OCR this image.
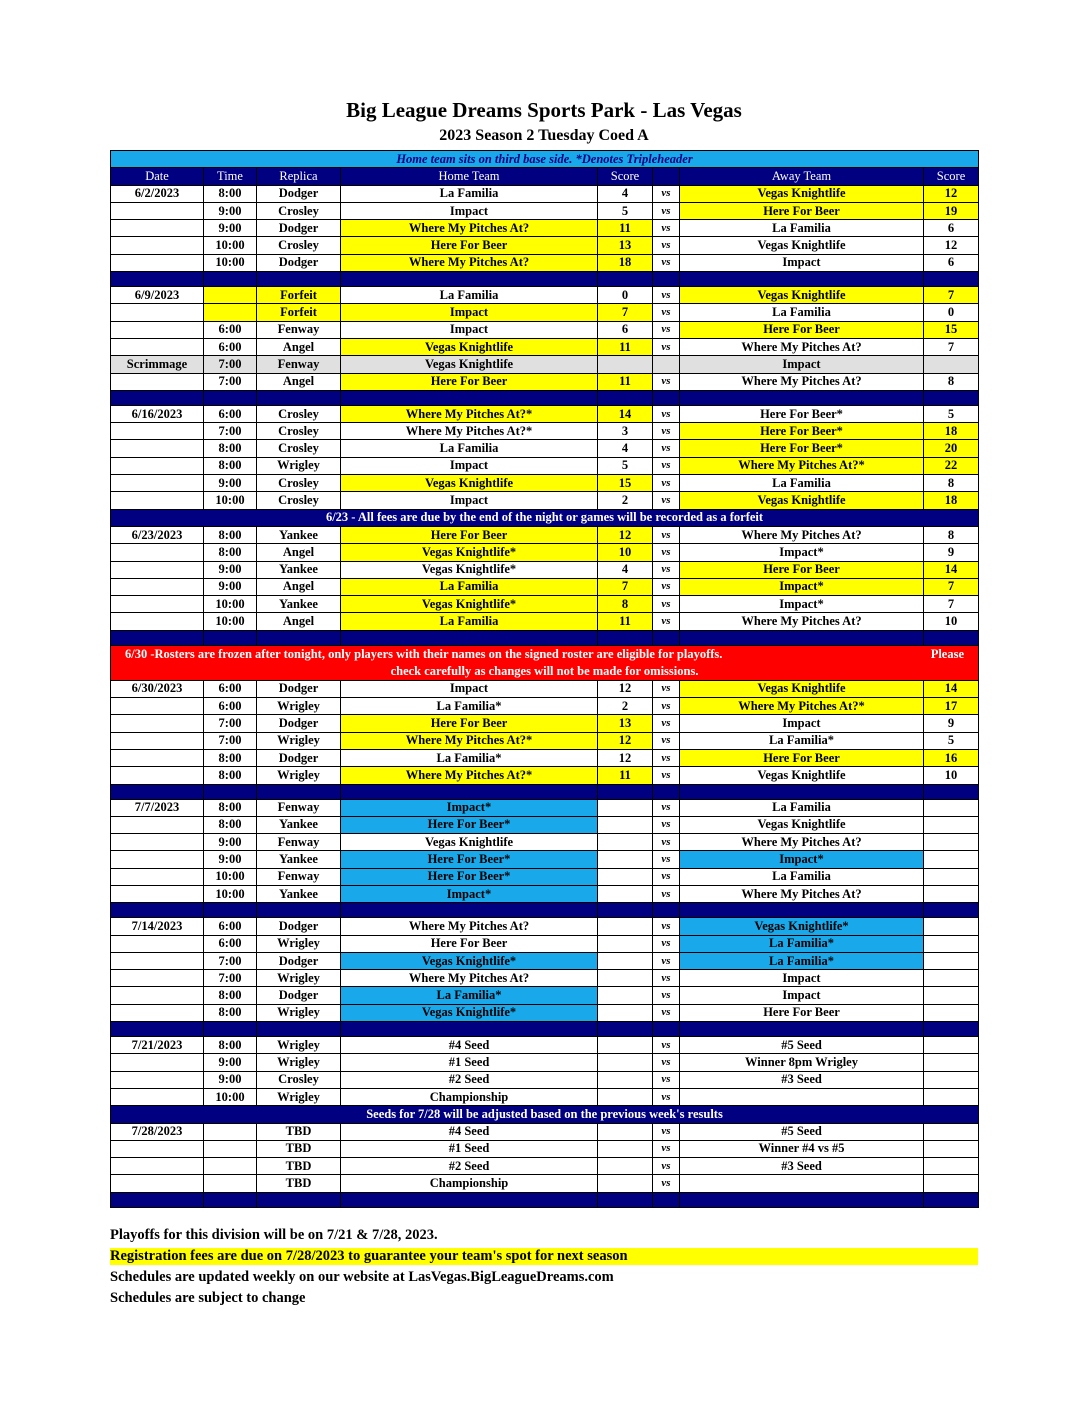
Big League Dreams Sports Park - Las Vegas
2023 Season 2 Tuesday Coed A
Home team sits on third base side. *Denotes Tripleheader							
Date	Time	Replica	Home Team	Score		Away Team	Score
6/2/2023	8:00	Dodger	La Familia	4	vs	Vegas Knightlife	12
	9:00	Crosley	Impact	5	vs	Here For Beer	19
	9:00	Dodger	Where My Pitches At?	11	vs	La Familia	6
	10:00	Crosley	Here For Beer	13	vs	Vegas Knightlife	12
	10:00	Dodger	Where My Pitches At?	18	vs	Impact	6

6/9/2023		Forfeit	La Familia	0	vs	Vegas Knightlife	7
		Forfeit	Impact	7	vs	La Familia	0
	6:00	Fenway	Impact	6	vs	Here For Beer	15
	6:00	Angel	Vegas Knightlife	11	vs	Where My Pitches At?	7
Scrimmage	7:00	Fenway	Vegas Knightlife			Impact	
	7:00	Angel	Here For Beer	11	vs	Where My Pitches At?	8

6/16/2023	6:00	Crosley	Where My Pitches At?*	14	vs	Here For Beer*	5
	7:00	Crosley	Where My Pitches At?*	3	vs	Here For Beer*	18
	8:00	Crosley	La Familia	4	vs	Here For Beer*	20
	8:00	Wrigley	Impact	5	vs	Where My Pitches At?*	22
	9:00	Crosley	Vegas Knightlife	15	vs	La Familia	8
	10:00	Crosley	Impact	2	vs	Vegas Knightlife	18
6/23 - All fees are due by the end of the night or games will be recorded as a forfeit							
6/23/2023	8:00	Yankee	Here For Beer	12	vs	Where My Pitches At?	8
	8:00	Angel	Vegas Knightlife*	10	vs	Impact*	9
	9:00	Yankee	Vegas Knightlife*	4	vs	Here For Beer	14
	9:00	Angel	La Familia	7	vs	Impact*	7
	10:00	Yankee	Vegas Knightlife*	8	vs	Impact*	7
	10:00	Angel	La Familia	11	vs	Where My Pitches At?	10

6/30 -Rosters are frozen after tonight, only players with their names on the signed roster are eligible for playoffs. Please
check carefully as changes will not be made for omissions.							

6/30/2023	6:00	Dodger	Impact	12	vs	Vegas Knightlife	14
	6:00	Wrigley	La Familia*	2	vs	Where My Pitches At?*	17
	7:00	Dodger	Here For Beer	13	vs	Impact	9
	7:00	Wrigley	Where My Pitches At?*	12	vs	La Familia*	5
	8:00	Dodger	La Familia*	12	vs	Here For Beer	16
	8:00	Wrigley	Where My Pitches At?*	11	vs	Vegas Knightlife	10

7/7/2023	8:00	Fenway	Impact*		vs	La Familia	
	8:00	Yankee	Here For Beer*		vs	Vegas Knightlife	
	9:00	Fenway	Vegas Knightlife		vs	Where My Pitches At?	
	9:00	Yankee	Here For Beer*		vs	Impact*	
	10:00	Fenway	Here For Beer*		vs	La Familia	
	10:00	Yankee	Impact*		vs	Where My Pitches At?	

7/14/2023	6:00	Dodger	Where My Pitches At?		vs	Vegas Knightlife*	
	6:00	Wrigley	Here For Beer		vs	La Familia*	
	7:00	Dodger	Vegas Knightlife*		vs	La Familia*	
	7:00	Wrigley	Where My Pitches At?		vs	Impact	
	8:00	Dodger	La Familia*		vs	Impact	
	8:00	Wrigley	Vegas Knightlife*		vs	Here For Beer	

7/21/2023	8:00	Wrigley	#4 Seed		vs	#5 Seed	
	9:00	Wrigley	#1 Seed		vs	Winner 8pm Wrigley	
	9:00	Crosley	#2 Seed		vs	#3 Seed	
	10:00	Wrigley	Championship		vs		
Seeds for 7/28 will be adjusted based on the previous week's results							
7/28/2023		TBD	#4 Seed		vs	#5 Seed	
		TBD	#1 Seed		vs	Winner #4 vs #5	
		TBD	#2 Seed		vs	#3 Seed	
		TBD	Championship		vs		

Playoffs for this division will be on 7/21 & 7/28, 2023.
Registration fees are due on 7/28/2023 to guarantee your team's spot for next season
Schedules are updated weekly on our website at LasVegas.BigLeagueDreams.com
Schedules are subject to change
